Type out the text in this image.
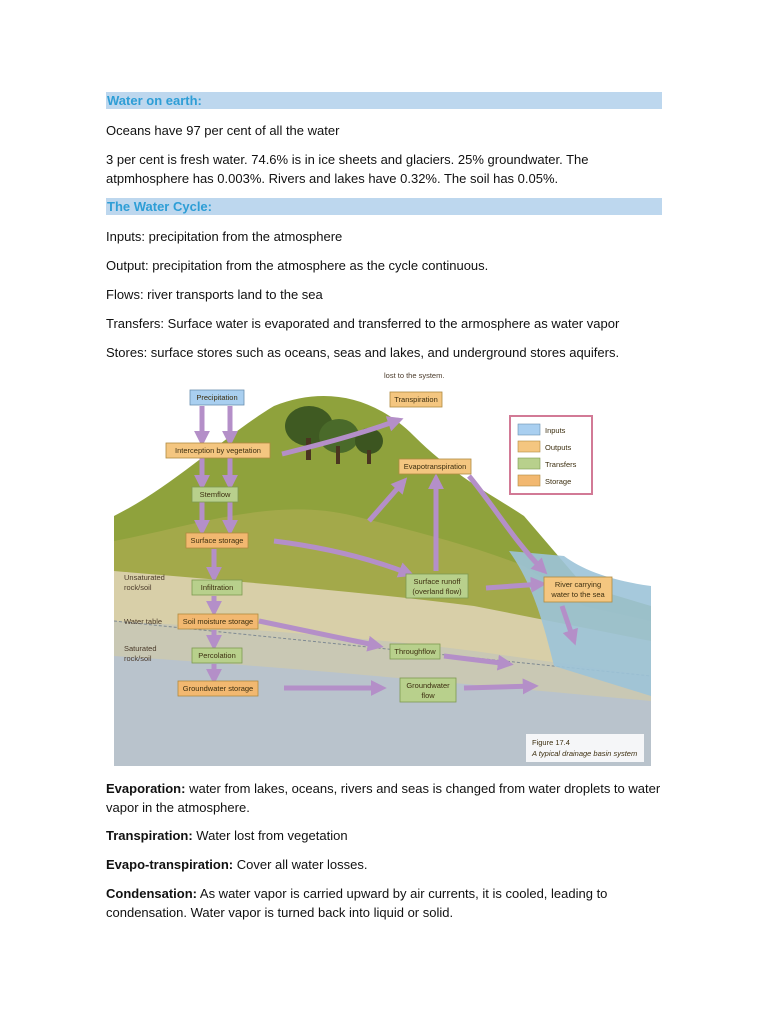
Water on earth:

Oceans have 97 per cent of all the water

3 per cent is fresh water. 74.6% is in ice sheets and glaciers. 25% groundwater. The atpmhosphere has 0.003%. Rivers and lakes have 0.32%. The soil has 0.05%.

The Water Cycle:

Inputs: precipitation from the atmosphere

Output: precipitation from the atmosphere as the cycle continuous.

Flows: river transports land to the sea

Transfers: Surface water is evaporated and transferred to the armosphere as water vapor

Stores: surface stores such as oceans, seas and lakes, and underground stores aquifers.

lost to the system.
Precipitation
Interception by vegetation
Stemflow
Surface storage
Infiltration
Soil moisture storage
Percolation
Groundwater storage
Transpiration
Evapotranspiration
Surface runoff
(overland flow)
Throughflow
Groundwater
flow
River carrying
water to the sea
Unsaturated
rock/soil
Water table
Saturated
rock/soil
Inputs
Outputs
Transfers
Storage
Figure 17.4
A typical drainage basin system

Evaporation: water from lakes, oceans, rivers and seas is changed from water droplets to water vapor in the atmosphere.

Transpiration: Water lost from vegetation

Evapo-transpiration: Cover all water losses.

Condensation: As water vapor is carried upward by air currents, it is cooled, leading to condensation. Water vapor is turned back into liquid or solid.
